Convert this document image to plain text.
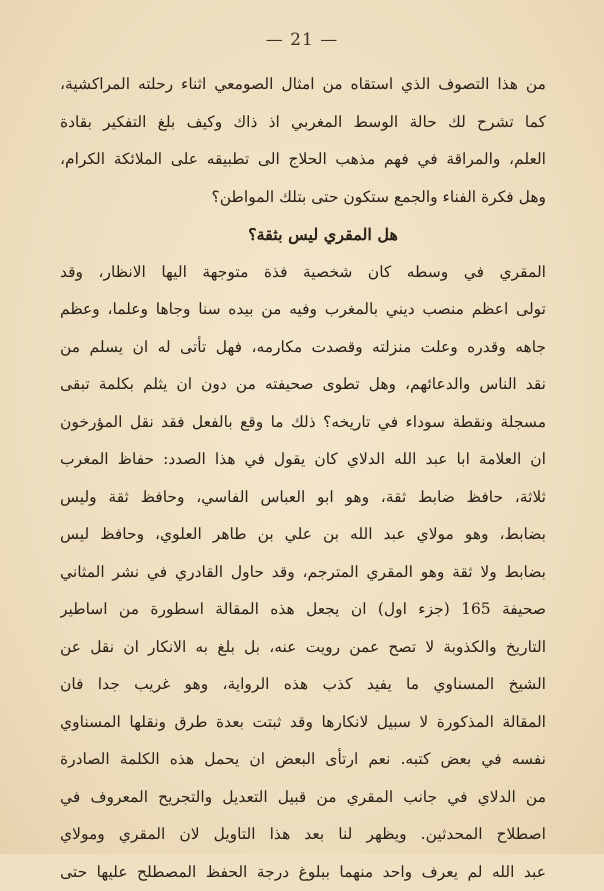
— 21 —
من هذا التصوف الذي استقاه من امثال الصومعي اثناء رحلته المراكشية،
كما تشرح لك حالة الوسط المغربي اذ ذاك وكيف بلغ التفكير بقادة
العلم، والمراقة في فهم مذهب الحلاج الى تطبيقه على الملائكة الكرام،
وهل فكرة الفناء والجمع ستكون حتى بتلك المواطن؟
هل المقري ليس بثقة؟
المقري في وسطه كان شخصية فذة متوجهة اليها الانظار، وقد
تولى اعظم منصب ديني بالمغرب وفيه من بيده سنا وجاها وعلما، وعظم
جاهه وقدره وعلت منزلته وقصدت مكارمه، فهل تأتى له ان يسلم من
نقد الناس والدعائهم، وهل تطوى صحيفته من دون ان يثلم بكلمة تبقى
مسجلة ونقطة سوداء في تاريخه؟ ذلك ما وقع بالفعل فقد نقل المؤرخون
ان العلامة ابا عبد الله الدلاي كان يقول في هذا الصدد: حفاظ المغرب
ثلاثة، حافظ ضابط ثقة، وهو ابو العباس الفاسي، وحافظ ثقة وليس
بضابط، وهو مولاي عبد الله بن علي بن طاهر العلوي، وحافظ ليس
بضابط ولا ثقة وهو المقري المترجم، وقد حاول القادري في نشر المثاني
صحيفة 165 (جزء اول) ان يجعل هذه المقالة اسطورة من اساطير
التاريخ والكذوبة لا تصح عمن رويت عنه، بل بلغ به الانكار ان نقل عن
الشيخ المسناوي ما يفيد كذب هذه الرواية، وهو غريب جدا فان
المقالة المذكورة لا سبيل لانكارها وقد ثبتت بعدة طرق ونقلها المسناوي
نفسه في بعض كتبه. نعم ارتأى البعض ان يحمل هذه الكلمة الصادرة
من الدلاي في جانب المقري من قبيل التعديل والتجريح المعروف في
اصطلاح المحدثين. ويظهر لنا بعد هذا التاويل لان المقري ومولاي
عبد الله لم يعرف واحد منهما ببلوغ درجة الحفظ المصطلح عليها حتى
